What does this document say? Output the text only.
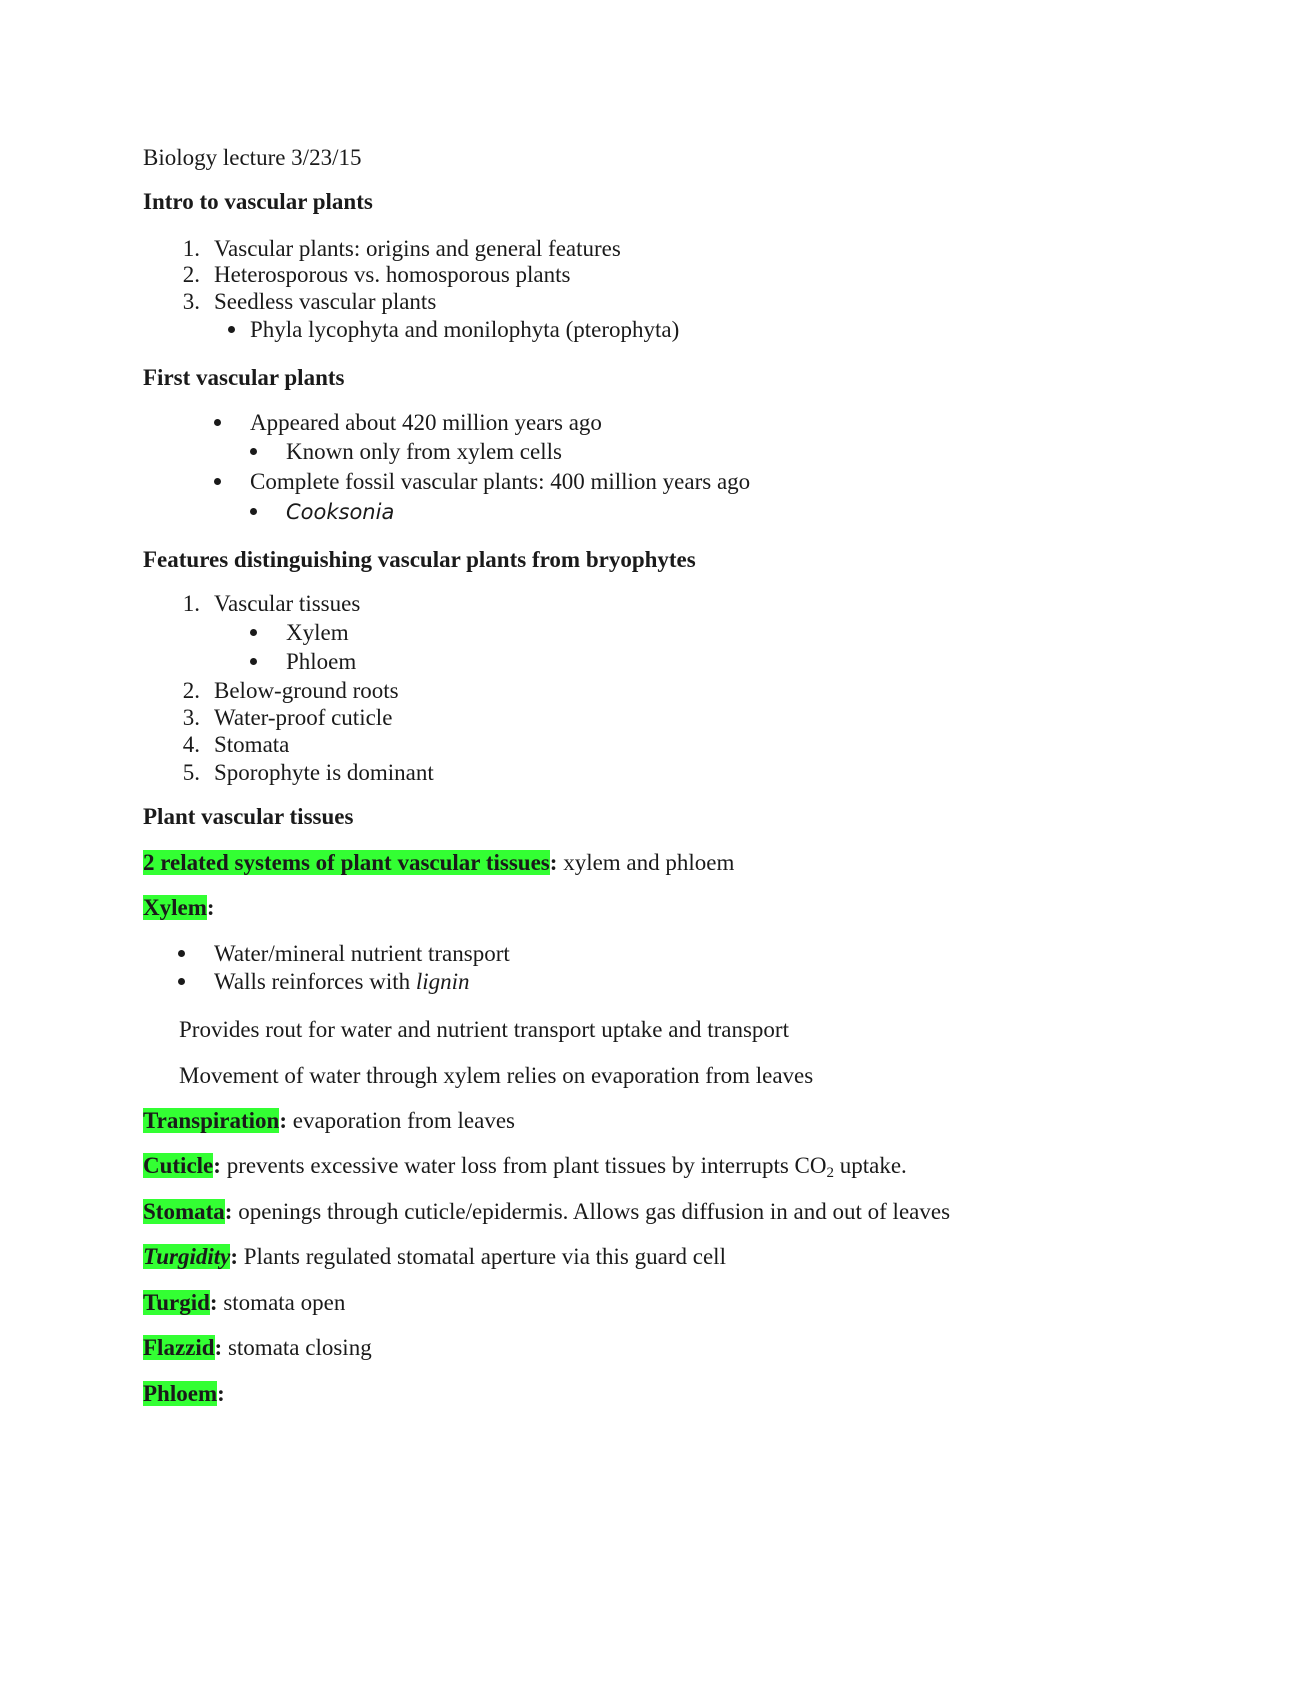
Biology lecture 3/23/15
Intro to vascular plants
1. Vascular plants: origins and general features
2. Heterosporous vs. homosporous plants
3. Seedless vascular plants
Phyla lycophyta and monilophyta (pterophyta)
First vascular plants
Appeared about 420 million years ago
Known only from xylem cells
Complete fossil vascular plants: 400 million years ago
Cooksonia
Features distinguishing vascular plants from bryophytes
1. Vascular tissues
Xylem
Phloem
2. Below-ground roots
3. Water-proof cuticle
4. Stomata
5. Sporophyte is dominant
Plant vascular tissues
2 related systems of plant vascular tissues: xylem and phloem
Xylem:
Water/mineral nutrient transport
Walls reinforces with lignin
Provides rout for water and nutrient transport uptake and transport
Movement of water through xylem relies on evaporation from leaves
Transpiration: evaporation from leaves
Cuticle: prevents excessive water loss from plant tissues by interrupts $CO_2$ uptake.
Stomata: openings through cuticle/epidermis. Allows gas diffusion in and out of leaves
Turgidity: Plants regulated stomatal aperture via this guard cell
Turgid: stomata open
Flazzid: stomata closing
Phloem:
